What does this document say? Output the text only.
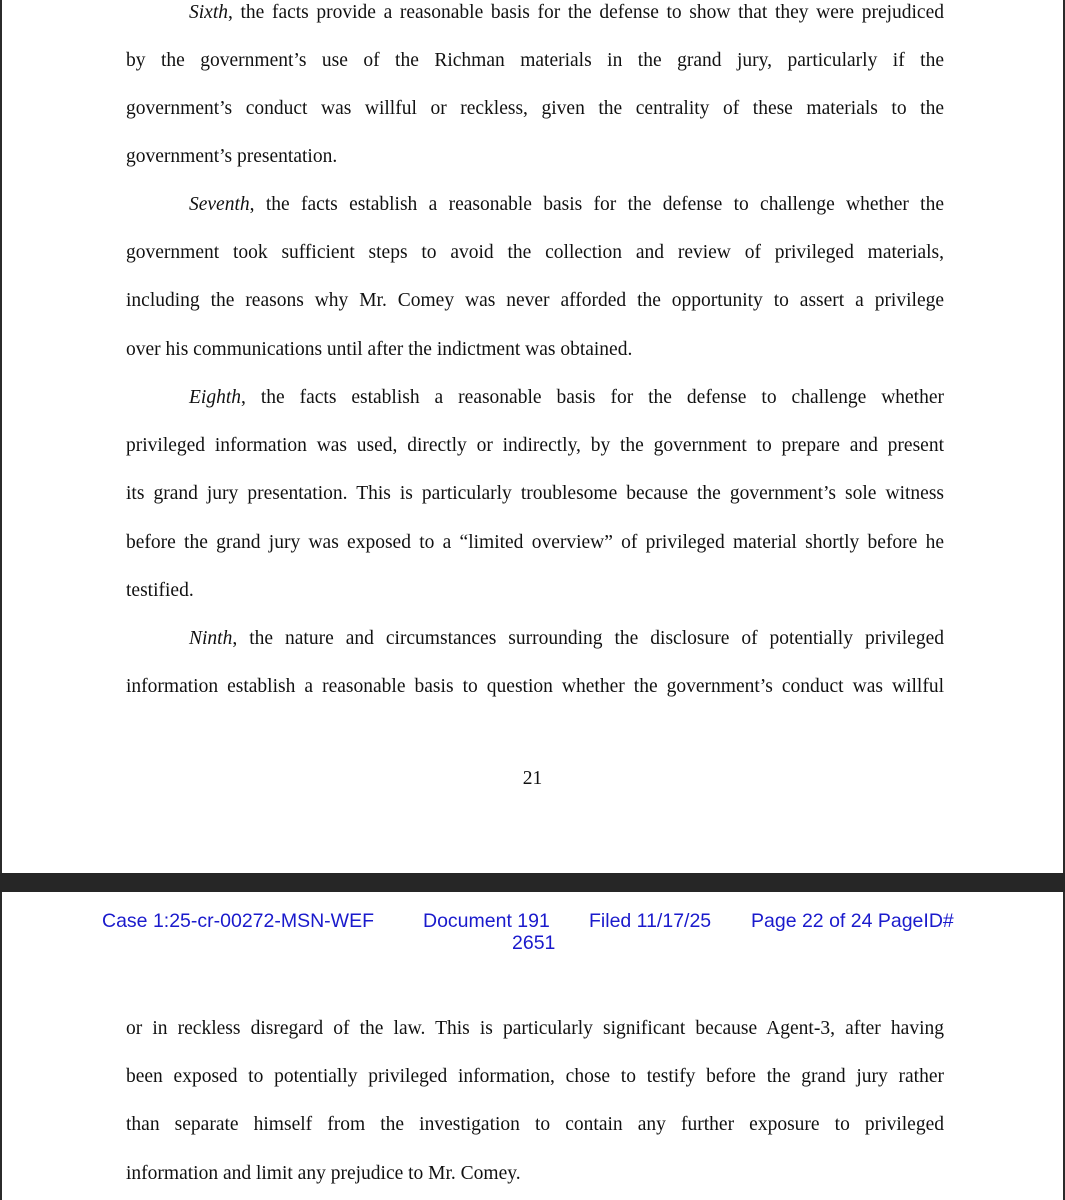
Sixth, the facts provide a reasonable basis for the defense to show that they were prejudiced
by the government’s use of the Richman materials in the grand jury, particularly if the
government’s conduct was willful or reckless, given the centrality of these materials to the
government’s presentation.
Seventh, the facts establish a reasonable basis for the defense to challenge whether the
government took sufficient steps to avoid the collection and review of privileged materials,
including the reasons why Mr. Comey was never afforded the opportunity to assert a privilege
over his communications until after the indictment was obtained.
Eighth, the facts establish a reasonable basis for the defense to challenge whether
privileged information was used, directly or indirectly, by the government to prepare and present
its grand jury presentation. This is particularly troublesome because the government’s sole witness
before the grand jury was exposed to a “limited overview” of privileged material shortly before he
testified.
Ninth, the nature and circumstances surrounding the disclosure of potentially privileged
information establish a reasonable basis to question whether the government’s conduct was willful
21
Case 1:25-cr-00272-MSN-WEF	Document 191 Filed 11/17/25 Page 22 of 24 PageID#
2651
or in reckless disregard of the law. This is particularly significant because Agent-3, after having
been exposed to potentially privileged information, chose to testify before the grand jury rather
than separate himself from the investigation to contain any further exposure to privileged
information and limit any prejudice to Mr. Comey.
